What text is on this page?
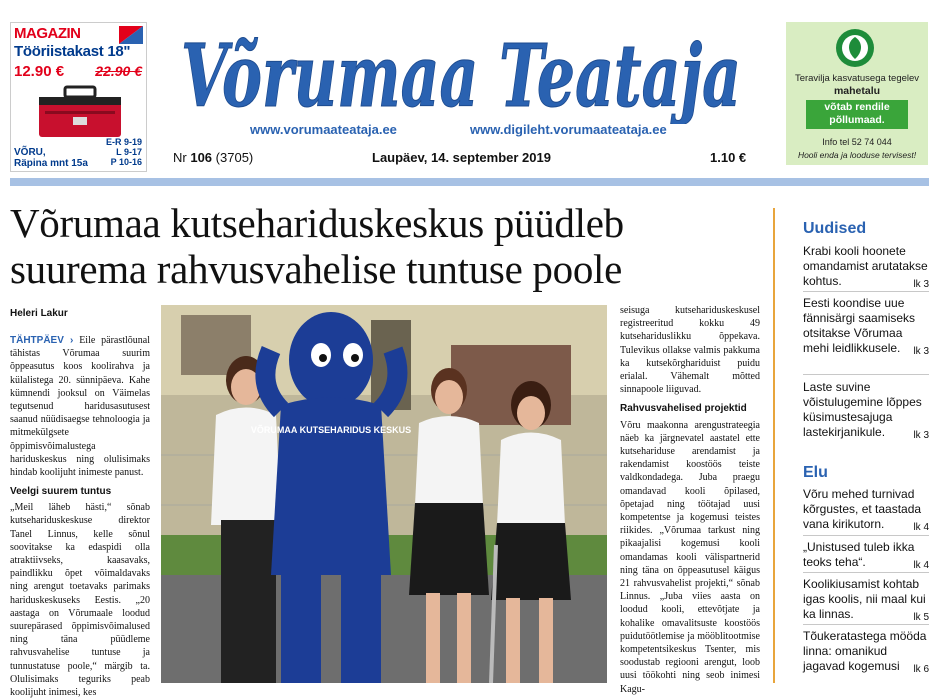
MAGAZIN
Tööriistakast 18"
12.90 € 22.90 €
E-R 9-19
L 9-17
P 10-16
VÕRU,
Räpina mnt 15a
Võrumaa Teataja
www.vorumaateataja.ee	www.digileht.vorumaateataja.ee
Nr 106 (3705)	Laupäev, 14. september 2019	1.10 €
Teravilja kasvatusega tegelev
mahetalu
võtab rendile
põllumaad.
Info tel 52 74 044
Hooli enda ja looduse tervisest!
Võrumaa kutsehariduskeskus püüdleb
suurema rahvusvahelise tuntuse poole
Heleri Lakur

TÄHTPÄEV › Eile pärastlõunal tähistas Võrumaa suurim õppeasutus koos koolirahva ja külalistega 20. sünnipäeva. Kahe kümnendi jooksul on Väimelas tegutsenud haridusasutusest saanud nüüdisaegse tehnoloogia ja mitmekülgsete õppimisvõimalustega hariduskeskus ning olulisimaks hindab koolijuht inimeste panust.

Veelgi suurem tuntus

„Meil läheb hästi,“ sõnab kutsehariduskeskuse direktor Tanel Linnus, kelle sõnul soovitakse ka edaspidi olla atraktiivseks, kaasavaks, paindlikku õpet võimaldavaks ning arengut toetavaks parimaks hariduskeskuseks Eestis. „20 aastaga on Võrumaale loodud suurepärased õppimisvõimalused ning täna püüdleme rahvusvahelise tuntuse ja tunnustatuse poole,“ märgib ta. Olulisimaks teguriks peab koolijuht inimesi, kes

VÕRUMAA KUTSEHARIDUS KESKUS

seisuga kutsehariduskeskusel registreeritud kokku 49 kutsehariduslikku õppekava. Tulevikus ollakse valmis pakkuma ka kutsekõrghariduist puidu erialal. Vähemalt mõtted sinnapoole liiguvad.

Rahvusvahelised projektid

Võru maakonna arengustrateegia näeb ka järgnevatel aastatel ette kutsehariduse arendamist ja rakendamist koostöös teiste valdkondadega. Juba praegu omandavad kooli õpilased, õpetajad ning töötajad uusi kompetentse ja kogemusi teistes riikides. „Võrumaa tarkust ning pikaajalisi kogemusi kooli omandamas kooli välispartnerid ning täna on õppeasutusel käigus 21 rahvusvahelist projekti,“ sõnab Linnus. „Juba viies aasta on loodud kooli, ettevõtjate ja kohalike omavalitsuste koostöös puidutöötlemise ja mööblitootmise kompetentsikeskus Tsenter, mis soodustab regiooni arengut, loob uusi töökohti ning seob inimesi Kagu-

Uudised
Krabi kooli hoonete omandamist arutatakse kohtus.	lk 3
Eesti koondise uue fännisärgi saamiseks otsitakse Võrumaa mehi leidlikkusele. lk 3
Laste suvine võistulugemine lõppes küsimustesajuga lastekirjanikule.	lk 3
Elu
Võru mehed turnivad kõrgustes, et taastada vana kirikutorn.	lk 4
„Unistused tuleb ikka teoks teha“.	lk 4
Koolikiusamist kohtab igas koolis, nii maal kui ka linnas.	lk 5
Tõukeratastega mööda linna: omanikud jagavad kogemusi lk 6
